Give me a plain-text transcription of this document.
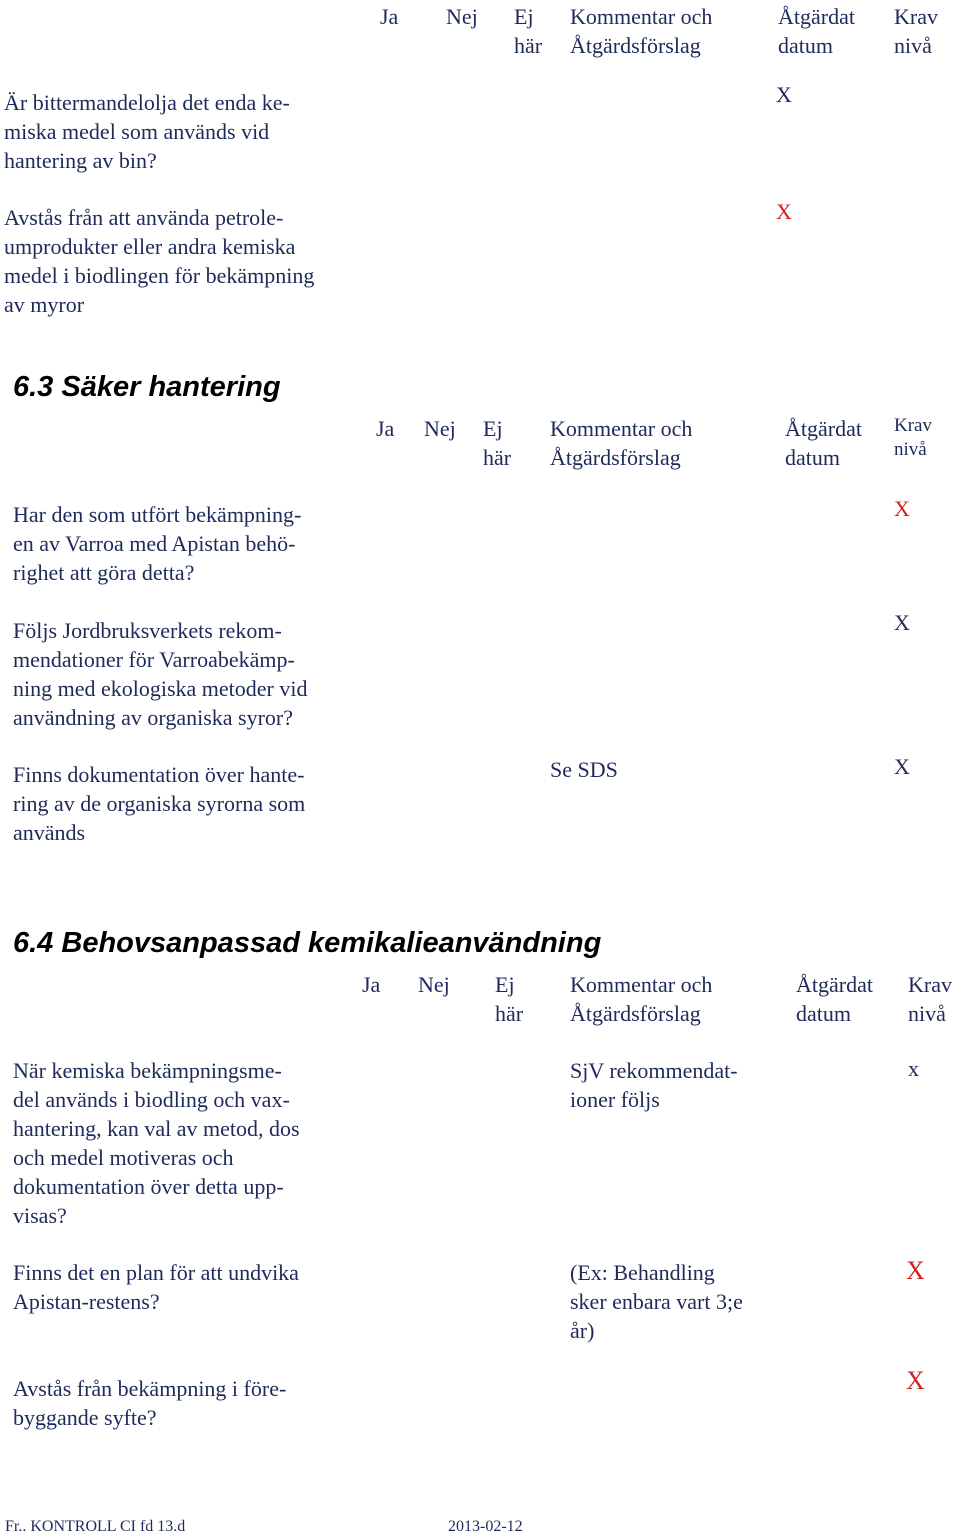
Ja Nej Ej
här
Kommentar och
Åtgärdsförslag
Åtgärdat
datum
Krav
nivå
Är bittermandelolja det enda ke-
miska medel som används vid
hantering av bin?
X
Avstås från att använda petrole-
umprodukter eller andra kemiska
medel i biodlingen för bekämpning
av myror
X
6.3 Säker hantering
Ja Nej Ej
här
Kommentar och
Åtgärdsförslag
Åtgärdat
datum
Krav
nivå
Har den som utfört bekämpning-
en av Varroa med Apistan behö-
righet att göra detta?
X
Följs Jordbruksverkets rekom-
mendationer för Varroabekämp-
ning med ekologiska metoder vid
användning av organiska syror?
X
Finns dokumentation över hante-
ring av de organiska syrorna som
används
Se SDS	X
6.4 Behovsanpassad kemikalieanvändning
Ja Nej Ej
här
Kommentar och
Åtgärdsförslag
Åtgärdat
datum
Krav
nivå
När kemiska bekämpningsme-
del används i biodling och vax-
hantering, kan val av metod, dos
och medel motiveras och
dokumentation över detta upp-
visas?
SjV rekommendat-
ioner följs
x
Finns det en plan för att undvika
Apistan-restens?
(Ex: Behandling
sker enbara vart 3;e
år)
X
Avstås från bekämpning i före-
byggande syfte?
X
Fr.. KONTROLL CI fd 13.d	2013-02-12
